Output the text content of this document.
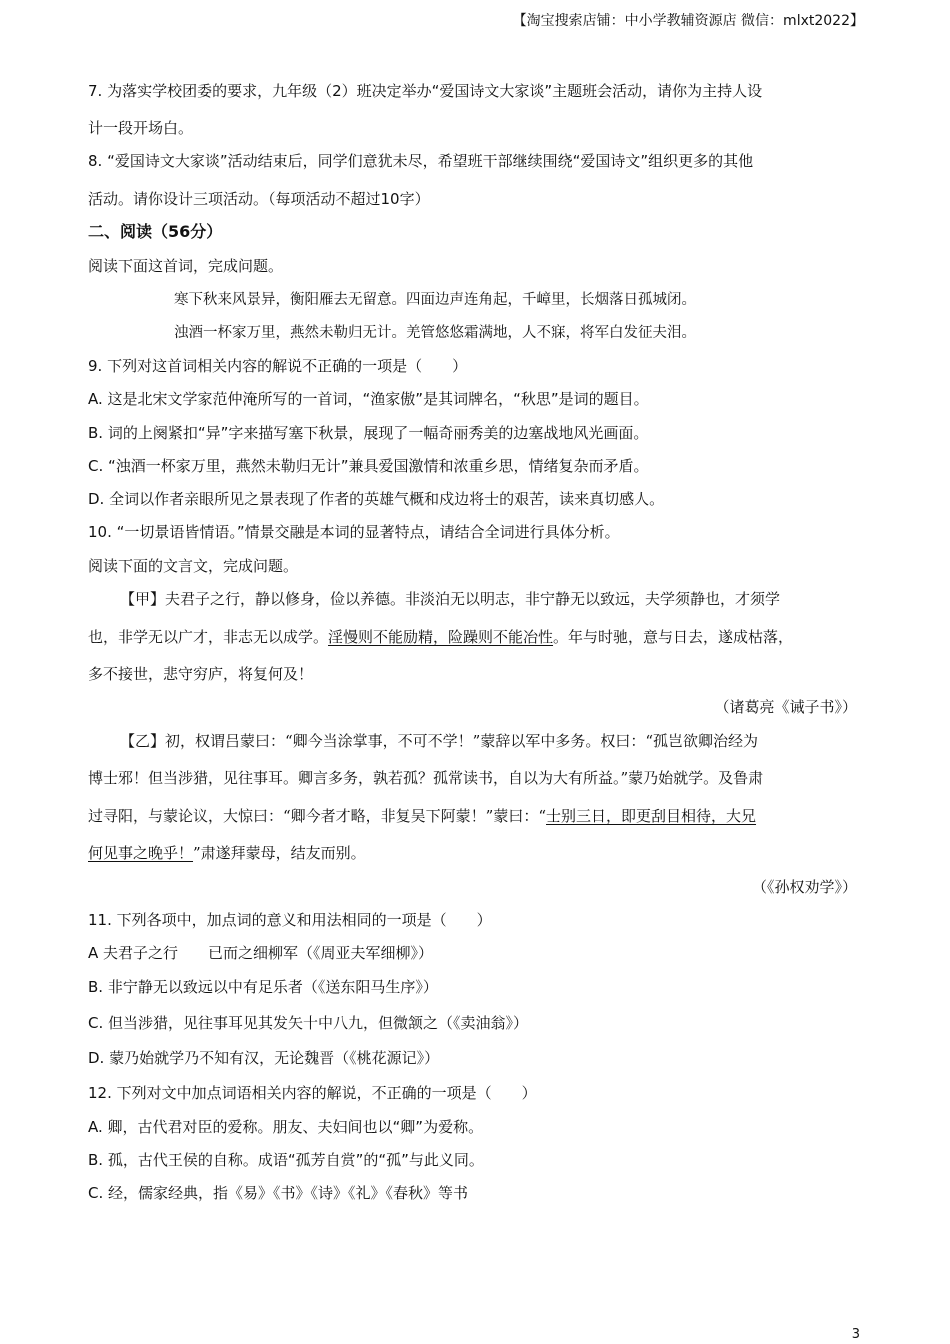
【淘宝搜索店铺：中小学教辅资源店 微信：mlxt2022】
7. 为落实学校团委的要求，九年级（2）班决定举办“爱国诗文大家谈”主题班会活动，请你为主持人设
计一段开场白。
8. “爱国诗文大家谈”活动结束后，同学们意犹未尽，希望班干部继续围绕“爱国诗文”组织更多的其他
活动。请你设计三项活动。（每项活动不超过10字）
二、阅读（56分）
阅读下面这首词，完成问题。
寒下秋来风景异，衡阳雁去无留意。四面边声连角起，千嶂里，长烟落日孤城闭。
浊酒一杯家万里，燕然未勒归无计。羌管悠悠霜满地，人不寐，将军白发征夫泪。
9. 下列对这首词相关内容的解说不正确的一项是（　　）
A. 这是北宋文学家范仲淹所写的一首词，“渔家傲”是其词牌名，“秋思”是词的题目。
B. 词的上阕紧扣“异”字来描写塞下秋景，展现了一幅奇丽秀美的边塞战地风光画面。
C. “浊酒一杯家万里，燕然未勒归无计”兼具爱国激情和浓重乡思，情绪复杂而矛盾。
D. 全词以作者亲眼所见之景表现了作者的英雄气概和戍边将士的艰苦，读来真切感人。
10. “一切景语皆情语。”情景交融是本词的显著特点，请结合全词进行具体分析。
阅读下面的文言文，完成问题。
【甲】夫君子之行，静以修身，俭以养德。非淡泊无以明志，非宁静无以致远，夫学须静也，才须学
也，非学无以广才，非志无以成学。淫慢则不能励精，险躁则不能冶性。年与时驰，意与日去，遂成枯落，
多不接世，悲守穷庐，将复何及！
（诸葛亮《诫子书》）
【乙】初，权谓吕蒙曰：“卿今当涂掌事，不可不学！”蒙辞以军中多务。权曰：“孤岂欲卿治经为
博士邪！但当涉猎，见往事耳。卿言多务，孰若孤？孤常读书，自以为大有所益。”蒙乃始就学。及鲁肃
过寻阳，与蒙论议，大惊曰：“卿今者才略，非复吴下阿蒙！”蒙曰：“士别三日，即更刮目相待，大兄
何见事之晚乎！”肃遂拜蒙母，结友而别。
（《孙权劝学》）
11. 下列各项中，加点词的意义和用法相同的一项是（　　）
A 夫君子之行　　已而之细柳军（《周亚夫军细柳》）
B. 非宁静无以致远以中有足乐者（《送东阳马生序》）
C. 但当涉猎，见往事耳见其发矢十中八九，但微颔之（《卖油翁》）
D. 蒙乃始就学乃不知有汉，无论魏晋（《桃花源记》）
12. 下列对文中加点词语相关内容的解说，不正确的一项是（　　）
A. 卿，古代君对臣的爱称。朋友、夫妇间也以“卿”为爱称。
B. 孤，古代王侯的自称。成语“孤芳自赏”的“孤”与此义同。
C. 经，儒家经典，指《易》《书》《诗》《礼》《春秋》等书
3
